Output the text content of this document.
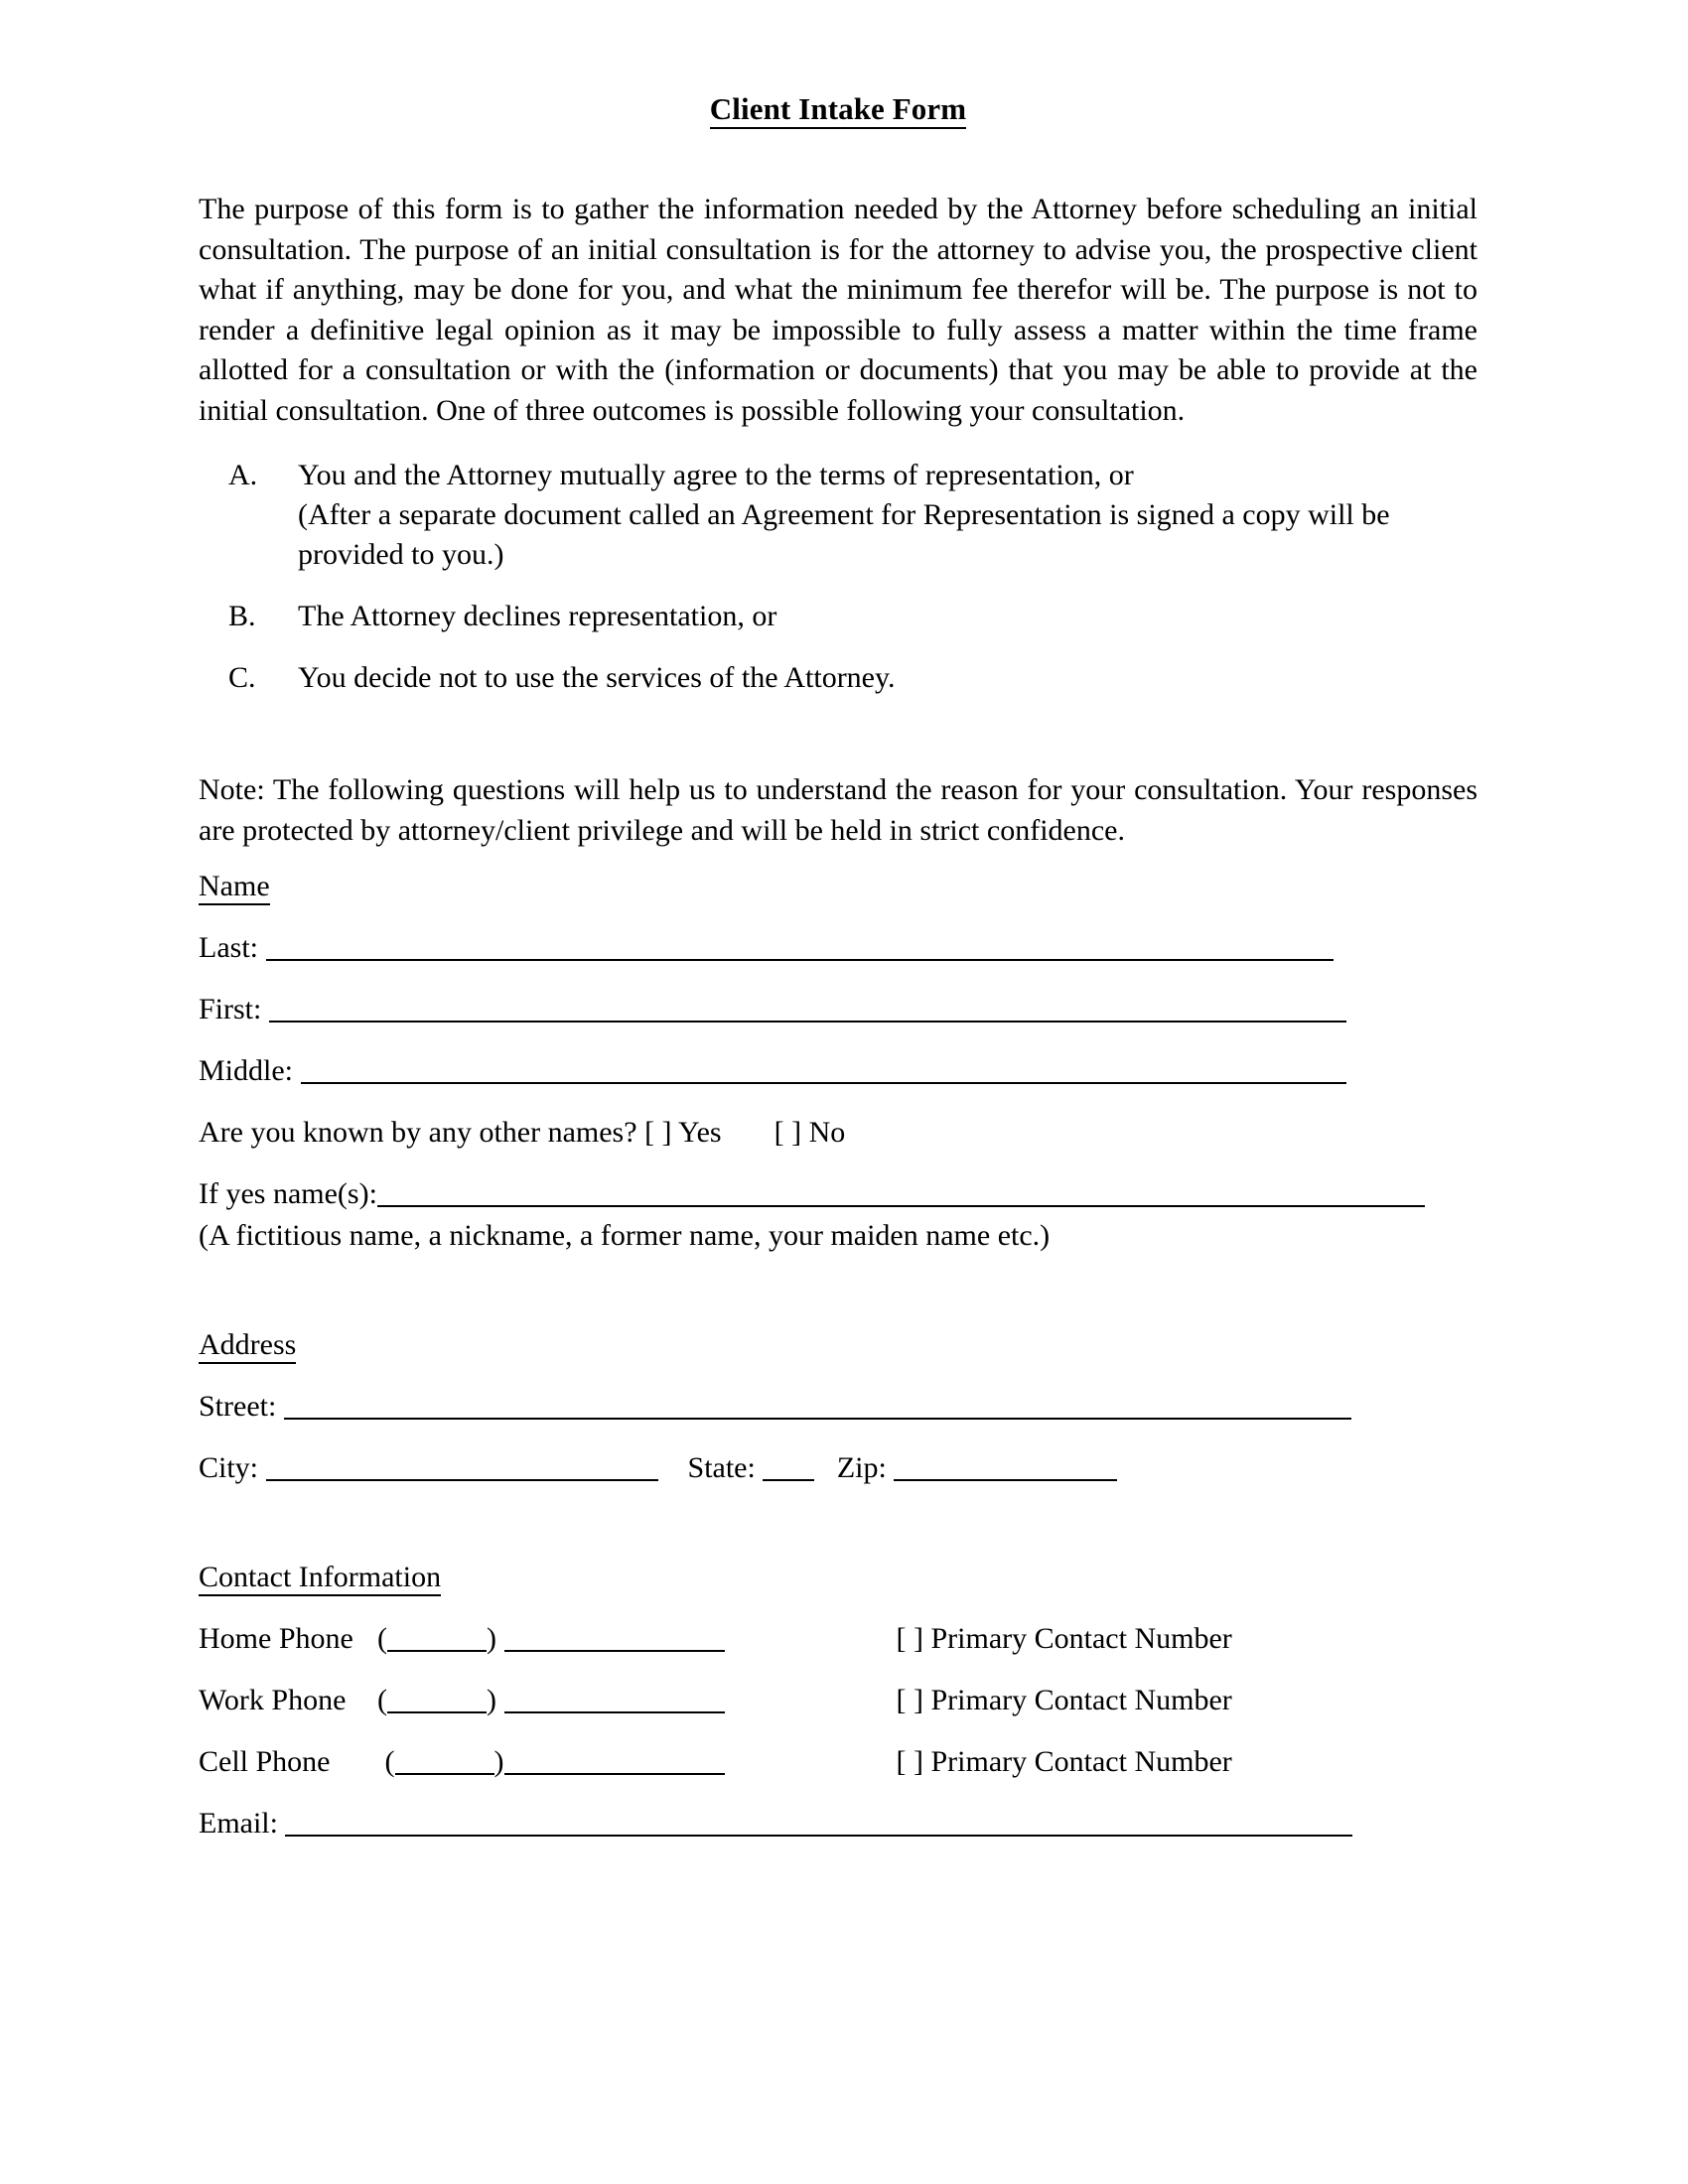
Client Intake Form

The purpose of this form is to gather the information needed by the Attorney before scheduling an initial consultation. The purpose of an initial consultation is for the attorney to advise you, the prospective client what if anything, may be done for you, and what the minimum fee therefor will be. The purpose is not to render a definitive legal opinion as it may be impossible to fully assess a matter within the time frame allotted for a consultation or with the (information or documents) that you may be able to provide at the initial consultation. One of three outcomes is possible following your consultation.

A.	You and the Attorney mutually agree to the terms of representation, or
(After a separate document called an Agreement for Representation is signed a copy will be provided to you.)
B.	The Attorney declines representation, or
C.	You decide not to use the services of the Attorney.

Note: The following questions will help us to understand the reason for your consultation. Your responses are protected by attorney/client privilege and will be held in strict confidence.

Name
Last:
First:
Middle:
Are you known by any other names? [ ] Yes [ ] No
If yes name(s):
(A fictitious name, a nickname, a former name, your maiden name etc.)
Address
Street:
City:	State:	Zip:
Contact Information
Home Phone (	)	[ ] Primary Contact Number
Work Phone (	)	[ ] Primary Contact Number
Cell Phone (	)	[ ] Primary Contact Number
Email:
